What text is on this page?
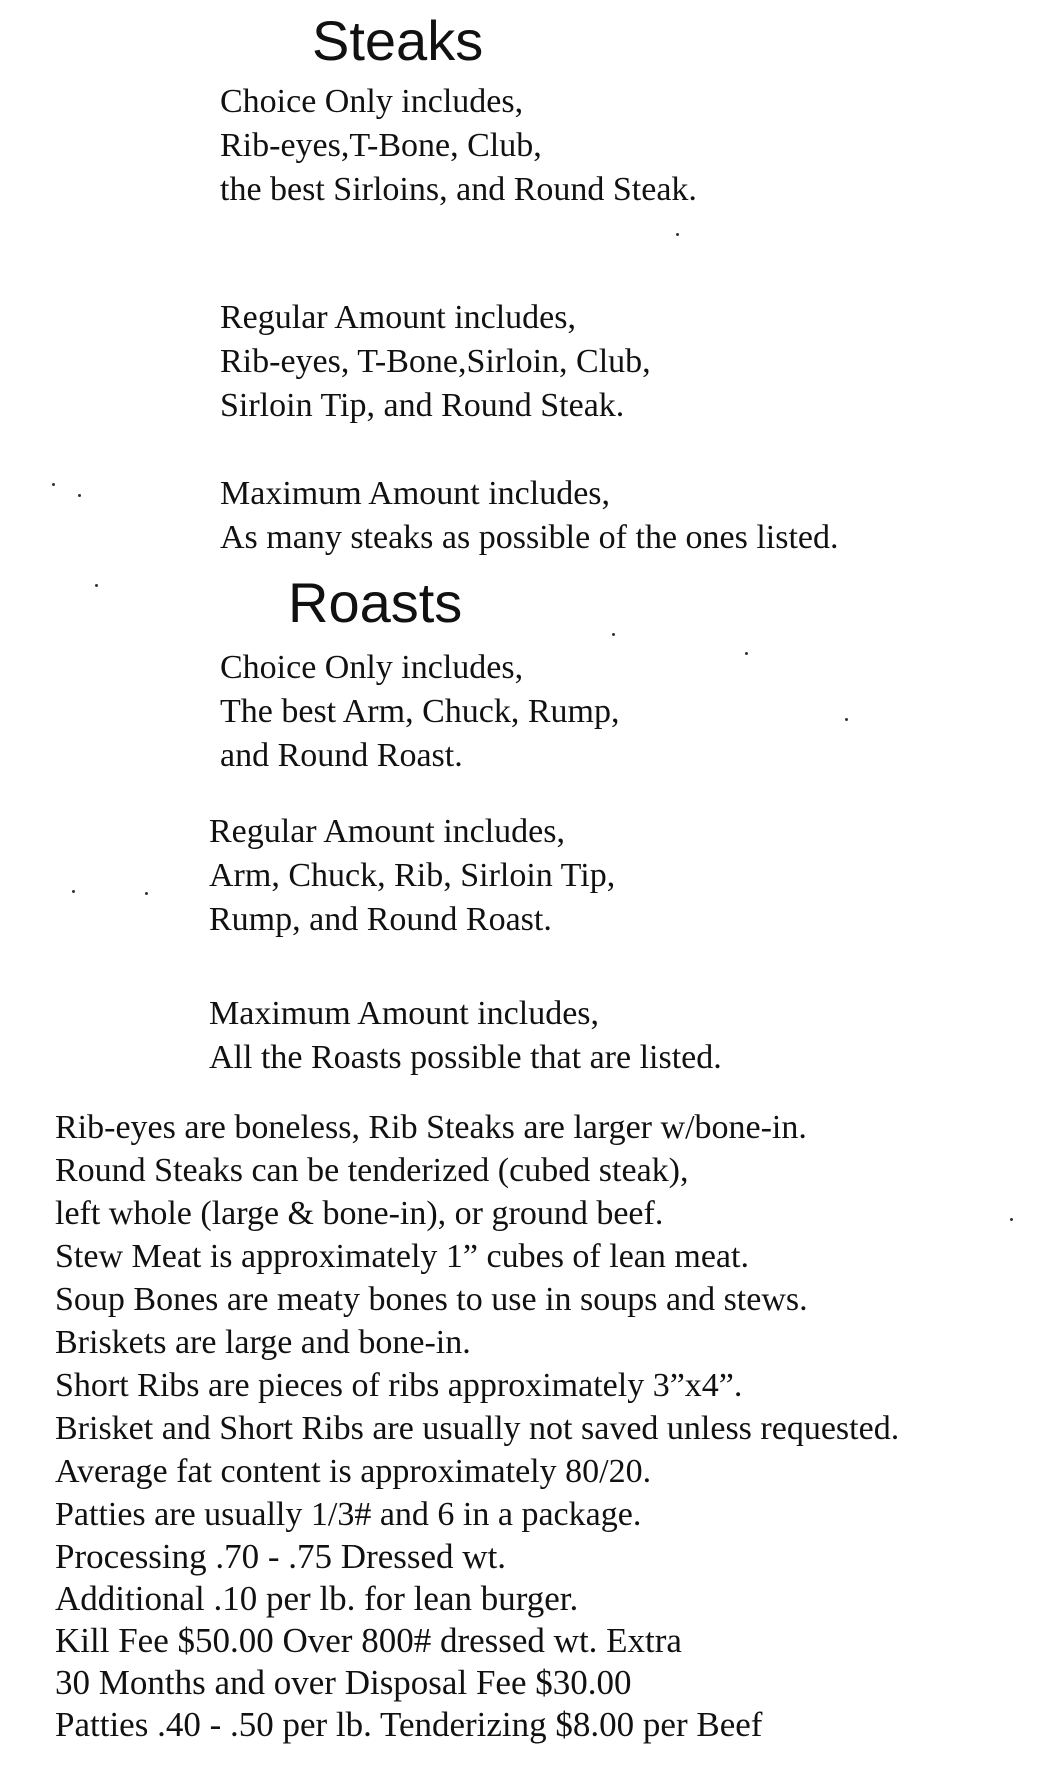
Steaks
Choice Only includes,
Rib-eyes,T-Bone, Club,
the best Sirloins, and Round Steak.
Regular Amount includes,
Rib-eyes, T-Bone,Sirloin, Club,
Sirloin Tip, and Round Steak.
Maximum Amount includes,
As many steaks as possible of the ones listed.
Roasts
Choice Only includes,
The best Arm, Chuck, Rump,
and Round Roast.
Regular Amount includes,
Arm, Chuck, Rib, Sirloin Tip,
Rump, and Round Roast.
Maximum Amount includes,
All the Roasts possible that are listed.
Rib-eyes are boneless, Rib Steaks are larger w/bone-in.
Round Steaks can be tenderized (cubed steak),
left whole (large & bone-in), or ground beef.
Stew Meat is approximately 1” cubes of lean meat.
Soup Bones are meaty bones to use in soups and stews.
Briskets are large and bone-in.
Short Ribs are pieces of ribs approximately 3”x4”.
Brisket and Short Ribs are usually not saved unless requested.
Average fat content is approximately 80/20.
Patties are usually 1/3# and 6 in a package.
Processing .70 - .75 Dressed wt.
Additional .10 per lb. for lean burger.
Kill Fee $50.00 Over 800# dressed wt. Extra
30 Months and over Disposal Fee $30.00
Patties .40 - .50 per lb. Tenderizing $8.00 per Beef
